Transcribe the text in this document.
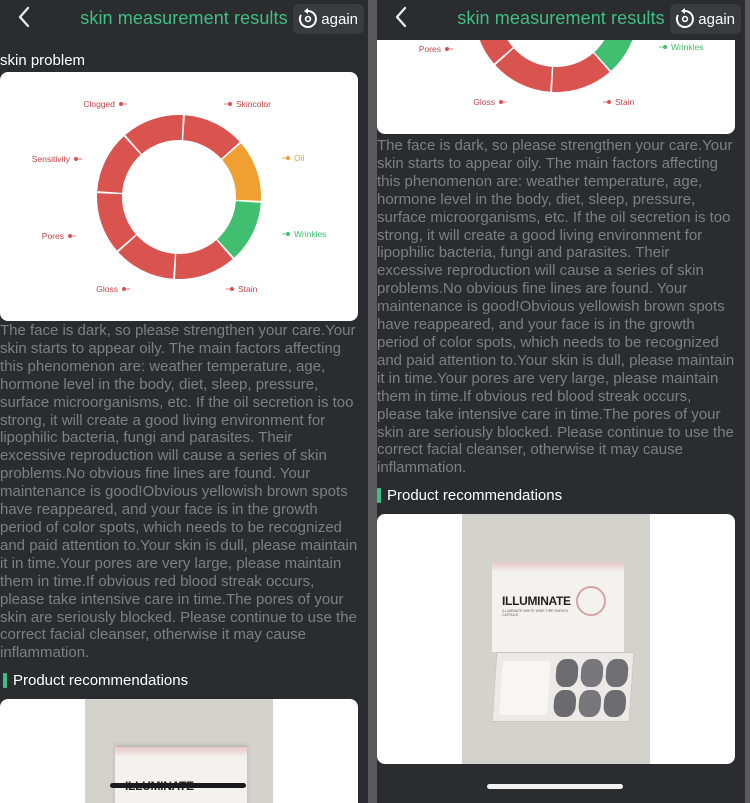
skin measurement results	again
skin problem
Skincolor
Oil
Wrinkles
Stain
Gloss
Pores
Sensitivity
Clogged
The face is dark, so please strengthen your care.Your skin starts to appear oily. The main factors affecting this phenomenon are: weather temperature, age, hormone level in the body, diet, sleep, pressure, surface microorganisms, etc. If the oil secretion is too strong, it will create a good living environment for lipophilic bacteria, fungi and parasites. Their excessive reproduction will cause a series of skin problems.No obvious fine lines are found. Your maintenance is good!Obvious yellowish brown spots have reappeared, and your face is in the growth period of color spots, which needs to be recognized and paid attention to.Your skin is dull, please maintain it in time.Your pores are very large, please maintain them in time.If obvious red blood streak occurs, please take intensive care in time.The pores of your skin are seriously blocked. Please continue to use the correct facial cleanser, otherwise it may cause inflammation.
Product recommendations
Wrinkles
Stain
Gloss
Pores
skin measurement results	again
The face is dark, so please strengthen your care.Your skin starts to appear oily. The main factors affecting this phenomenon are: weather temperature, age, hormone level in the body, diet, sleep, pressure, surface microorganisms, etc. If the oil secretion is too strong, it will create a good living environment for lipophilic bacteria, fungi and parasites. Their excessive reproduction will cause a series of skin problems.No obvious fine lines are found. Your maintenance is good!Obvious yellowish brown spots have reappeared, and your face is in the growth period of color spots, which needs to be recognized and paid attention to.Your skin is dull, please maintain it in time.Your pores are very large, please maintain them in time.If obvious red blood streak occurs, please take intensive care in time.The pores of your skin are seriously blocked. Please continue to use the correct facial cleanser, otherwise it may cause inflammation.
Product recommendations
ILLUMINATE
ILLUMINATE WHITE WIRE TIRE ENRICH CAPSULE
